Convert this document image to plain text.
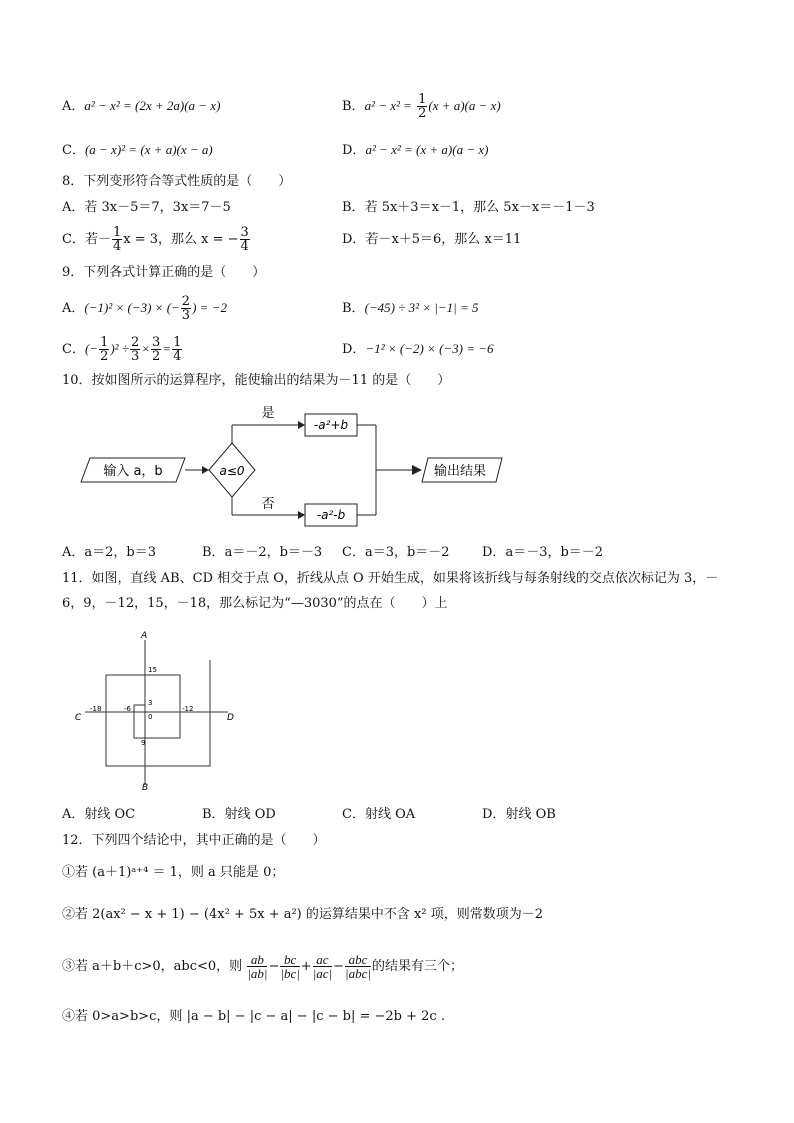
A．a² − x² = (2x + 2a)(a − x)	B．$a^2 - x^2 = \frac{1}{2} (x + a)(a - x)$
C．(a − x)² = (x + a)(x − a)	D．a² − x² = (x + a)(a − x)
8．下列变形符合等式性质的是（　　）
A．若 3x－5＝7，3x＝7－5	B．若 5x＋3＝x－1，那么 5x－x＝－1－3
C．若－ $\frac{1}{4}$ x = 3，那么 x = − $\frac{3}{4}$	D．若－x＋5＝6，那么 x＝11
9．下列各式计算正确的是（　　）
A．(−1)² × (−3) × (− $\frac{2}{3}$ ) = −2	B．(−45) ÷ 3² × |−1| = 5
C．(− $\frac{1}{2} )^2 \div \frac{2}{3} \times \frac{3}{2} = \frac{1}{4}$	D．−1² × (−2) × (−3) = −6
10．按如图所示的运算程序，能使输出的结果为－11 的是（　　）
输入 a，b	a≤0
是
否
-a²+b
-a²-b
输出结果
A．a＝2，b＝3	B．a＝－2，b＝－3 C．a＝3，b＝－2 D．a＝－3，b＝－2
11．如图，直线 AB、CD 相交于点 O，折线从点 O 开始生成，如果将该折线与每条射线的交点依次标记为 3，－
6，9，－12，15，－18，那么标记为“—3030”的点在（　　）上
A
B
C	D
0
3
-6
9
-12
15
-18
A．射线 OC	B．射线 OD	C．射线 OA	D．射线 OB
12．下列四个结论中，其中正确的是（　　）
①若 (a＋1)ᵃ⁺⁴ ＝ 1，则 a 只能是 0；
②若 2(ax² − x + 1) − (4x² + 5x + a²) 的运算结果中不含 x² 项，则常数项为－2
③若 a＋b＋c>0，abc<0，则 $\frac{ab}{|ab|} - \frac{bc}{|bc|} + \frac{ac}{|ac|} - \frac{\text{abc}}{\text{|abc|}}$ 的结果有三个；
④若 0>a>b>c，则 |a − b| − |c − a| − |c − b| = −2b + 2c .
